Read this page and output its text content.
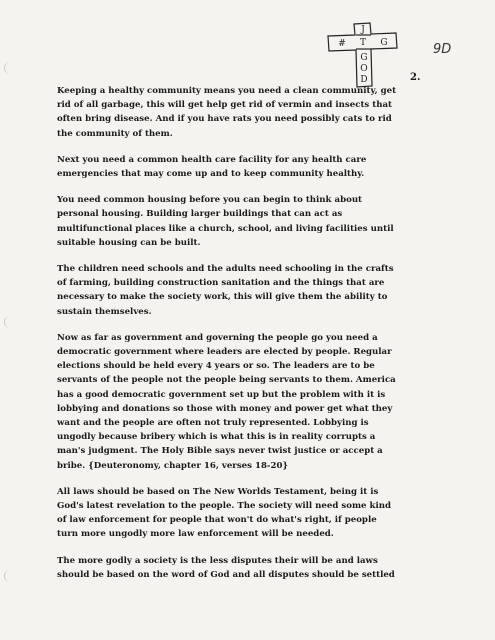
J
# T G
G
O
D
9D
2.

Keeping a healthy community means you need a clean community, get
rid of all garbage, this will get help get rid of vermin and insects that
often bring disease. And if you have rats you need possibly cats to rid
the community of them.

Next you need a common health care facility for any health care
emergencies that may come up and to keep community healthy.

You need common housing before you can begin to think about
personal housing. Building larger buildings that can act as
multifunctional places like a church, school, and living facilities until
suitable housing can be built.

The children need schools and the adults need schooling in the crafts
of farming, building construction sanitation and the things that are
necessary to make the society work, this will give them the ability to
sustain themselves.

Now as far as government and governing the people go you need a
democratic government where leaders are elected by people. Regular
elections should be held every 4 years or so. The leaders are to be
servants of the people not the people being servants to them. America
has a good democratic government set up but the problem with it is
lobbying and donations so those with money and power get what they
want and the people are often not truly represented. Lobbying is
ungodly because bribery which is what this is in reality corrupts a
man's judgment. The Holy Bible says never twist justice or accept a
bribe. {Deuteronomy, chapter 16, verses 18-20}

All laws should be based on The New Worlds Testament, being it is
God's latest revelation to the people. The society will need some kind
of law enforcement for people that won't do what's right, if people
turn more ungodly more law enforcement will be needed.

The more godly a society is the less disputes their will be and laws
should be based on the word of God and all disputes should be settled
